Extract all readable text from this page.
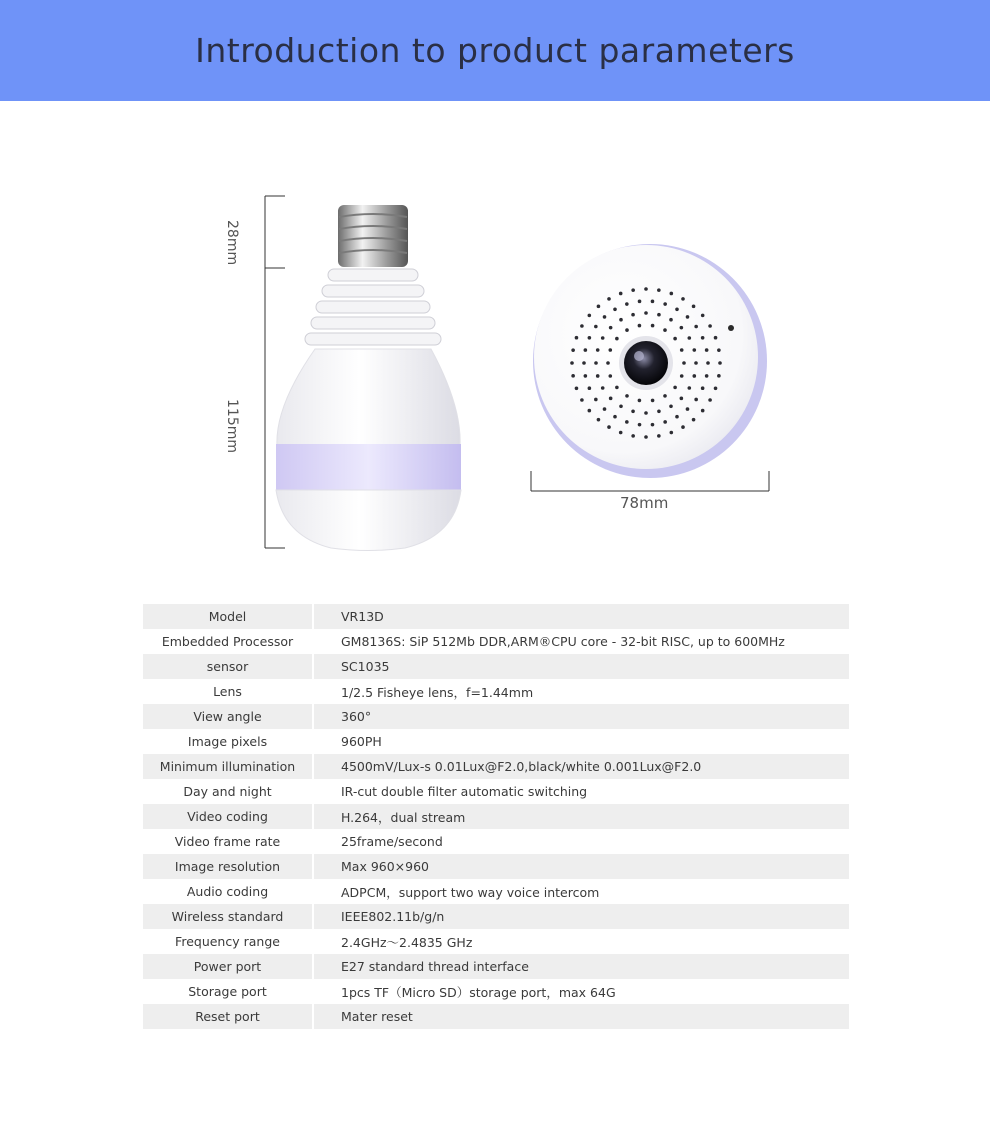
Introduction to product parameters
28mm
115mm
78mm
Model	VR13D
Embedded Processor	GM8136S: SiP 512Mb DDR,ARM®CPU core - 32-bit RISC, up to 600MHz
sensor	SC1035
Lens	1/2.5 Fisheye lens，f=1.44mm
View angle	360°
Image pixels	960PH
Minimum illumination	4500mV/Lux-s 0.01Lux@F2.0,black/white 0.001Lux@F2.0
Day and night	IR-cut double filter automatic switching
Video coding	H.264，dual stream
Video frame rate	25frame/second
Image resolution	Max 960×960
Audio coding	ADPCM，support two way voice intercom
Wireless standard	IEEE802.11b/g/n
Frequency range	2.4GHz～2.4835 GHz
Power port	E27 standard thread interface
Storage port	1pcs TF（Micro SD）storage port，max 64G
Reset port	Mater reset
